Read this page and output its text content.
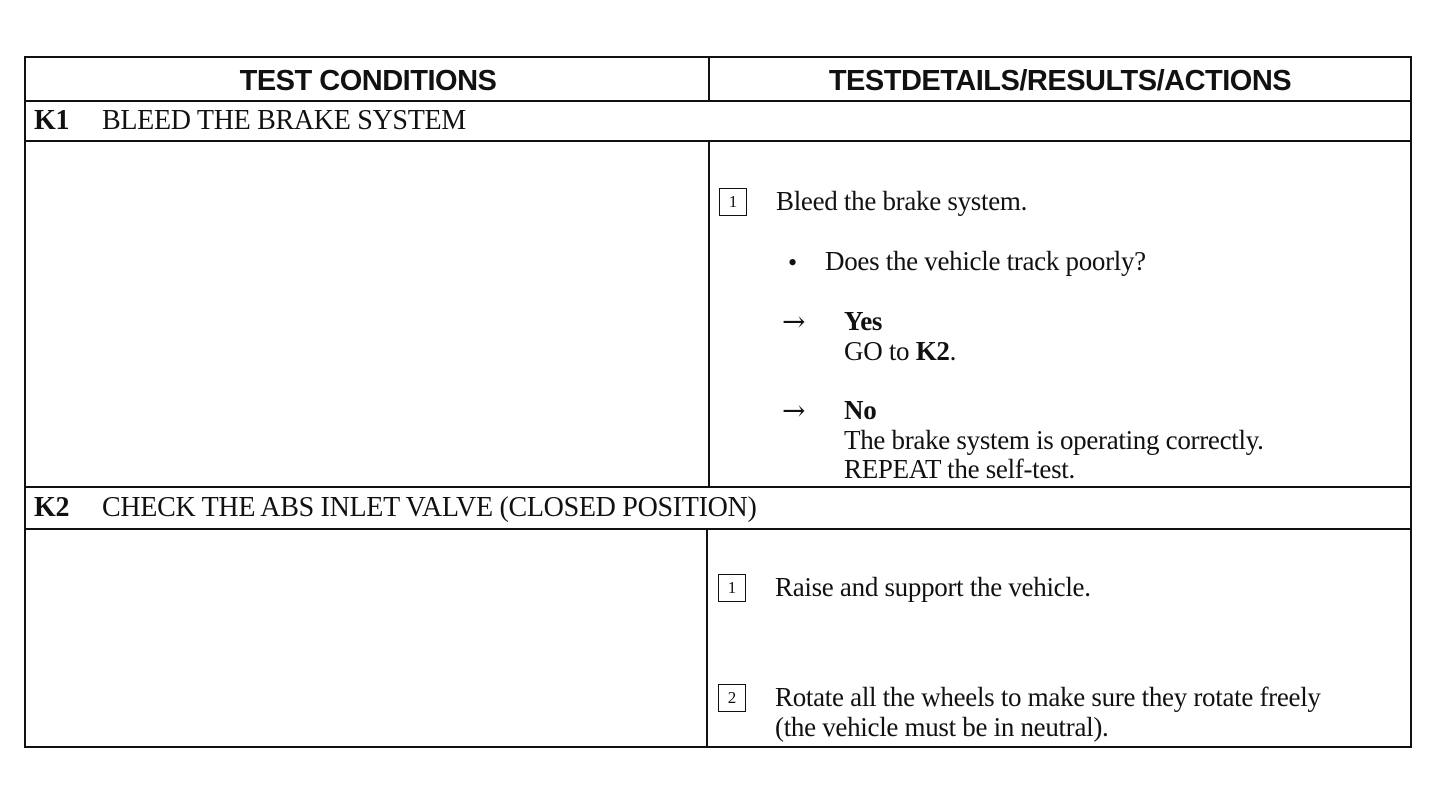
TEST CONDITIONS	TESTDETAILS/RESULTS/ACTIONS
K1 BLEED THE BRAKE SYSTEM
1	Bleed the brake system.
• Does the vehicle track poorly?
→ Yes
GO to K2.
→ No
The brake system is operating correctly.
REPEAT the self-test.
K2 CHECK THE ABS INLET VALVE (CLOSED POSITION)
1	Raise and support the vehicle.
2	Rotate all the wheels to make sure they rotate freely
(the vehicle must be in neutral).
